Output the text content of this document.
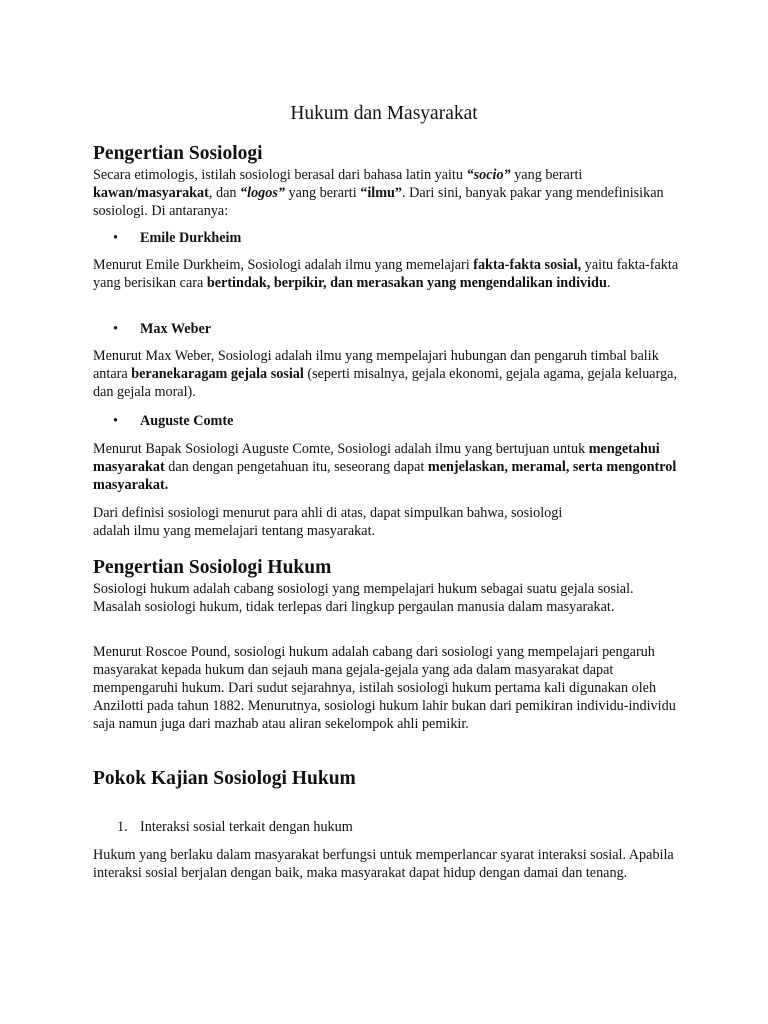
Hukum dan Masyarakat
Pengertian Sosiologi

Secara etimologis, istilah sosiologi berasal dari bahasa latin yaitu “socio” yang berarti kawan/masyarakat, dan “logos” yang berarti “ilmu”. Dari sini, banyak pakar yang mendefinisikan sosiologi. Di antaranya:

• Emile Durkheim

Menurut Emile Durkheim, Sosiologi adalah ilmu yang memelajari fakta-fakta sosial, yaitu fakta-fakta yang berisikan cara bertindak, berpikir, dan merasakan yang mengendalikan individu.

• Max Weber

Menurut Max Weber, Sosiologi adalah ilmu yang mempelajari hubungan dan pengaruh timbal balik antara beranekaragam gejala sosial (seperti misalnya, gejala ekonomi, gejala agama, gejala keluarga, dan gejala moral).

• Auguste Comte

Menurut Bapak Sosiologi Auguste Comte, Sosiologi adalah ilmu yang bertujuan untuk mengetahui masyarakat dan dengan pengetahuan itu, seseorang dapat menjelaskan, meramal, serta mengontrol masyarakat.

Dari definisi sosiologi menurut para ahli di atas, dapat simpulkan bahwa, sosiologi
adalah ilmu yang memelajari tentang masyarakat.

Pengertian Sosiologi Hukum

Sosiologi hukum adalah cabang sosiologi yang mempelajari hukum sebagai suatu gejala sosial. Masalah sosiologi hukum, tidak terlepas dari lingkup pergaulan manusia dalam masyarakat.

Menurut Roscoe Pound, sosiologi hukum adalah cabang dari sosiologi yang mempelajari pengaruh masyarakat kepada hukum dan sejauh mana gejala-gejala yang ada dalam masyarakat dapat mempengaruhi hukum. Dari sudut sejarahnya, istilah sosiologi hukum pertama kali digunakan oleh Anzilotti pada tahun 1882. Menurutnya, sosiologi hukum lahir bukan dari pemikiran individu-individu saja namun juga dari mazhab atau aliran sekelompok ahli pemikir.

Pokok Kajian Sosiologi Hukum
1. Interaksi sosial terkait dengan hukum

Hukum yang berlaku dalam masyarakat berfungsi untuk memperlancar syarat interaksi sosial. Apabila interaksi sosial berjalan dengan baik, maka masyarakat dapat hidup dengan damai dan tenang.
